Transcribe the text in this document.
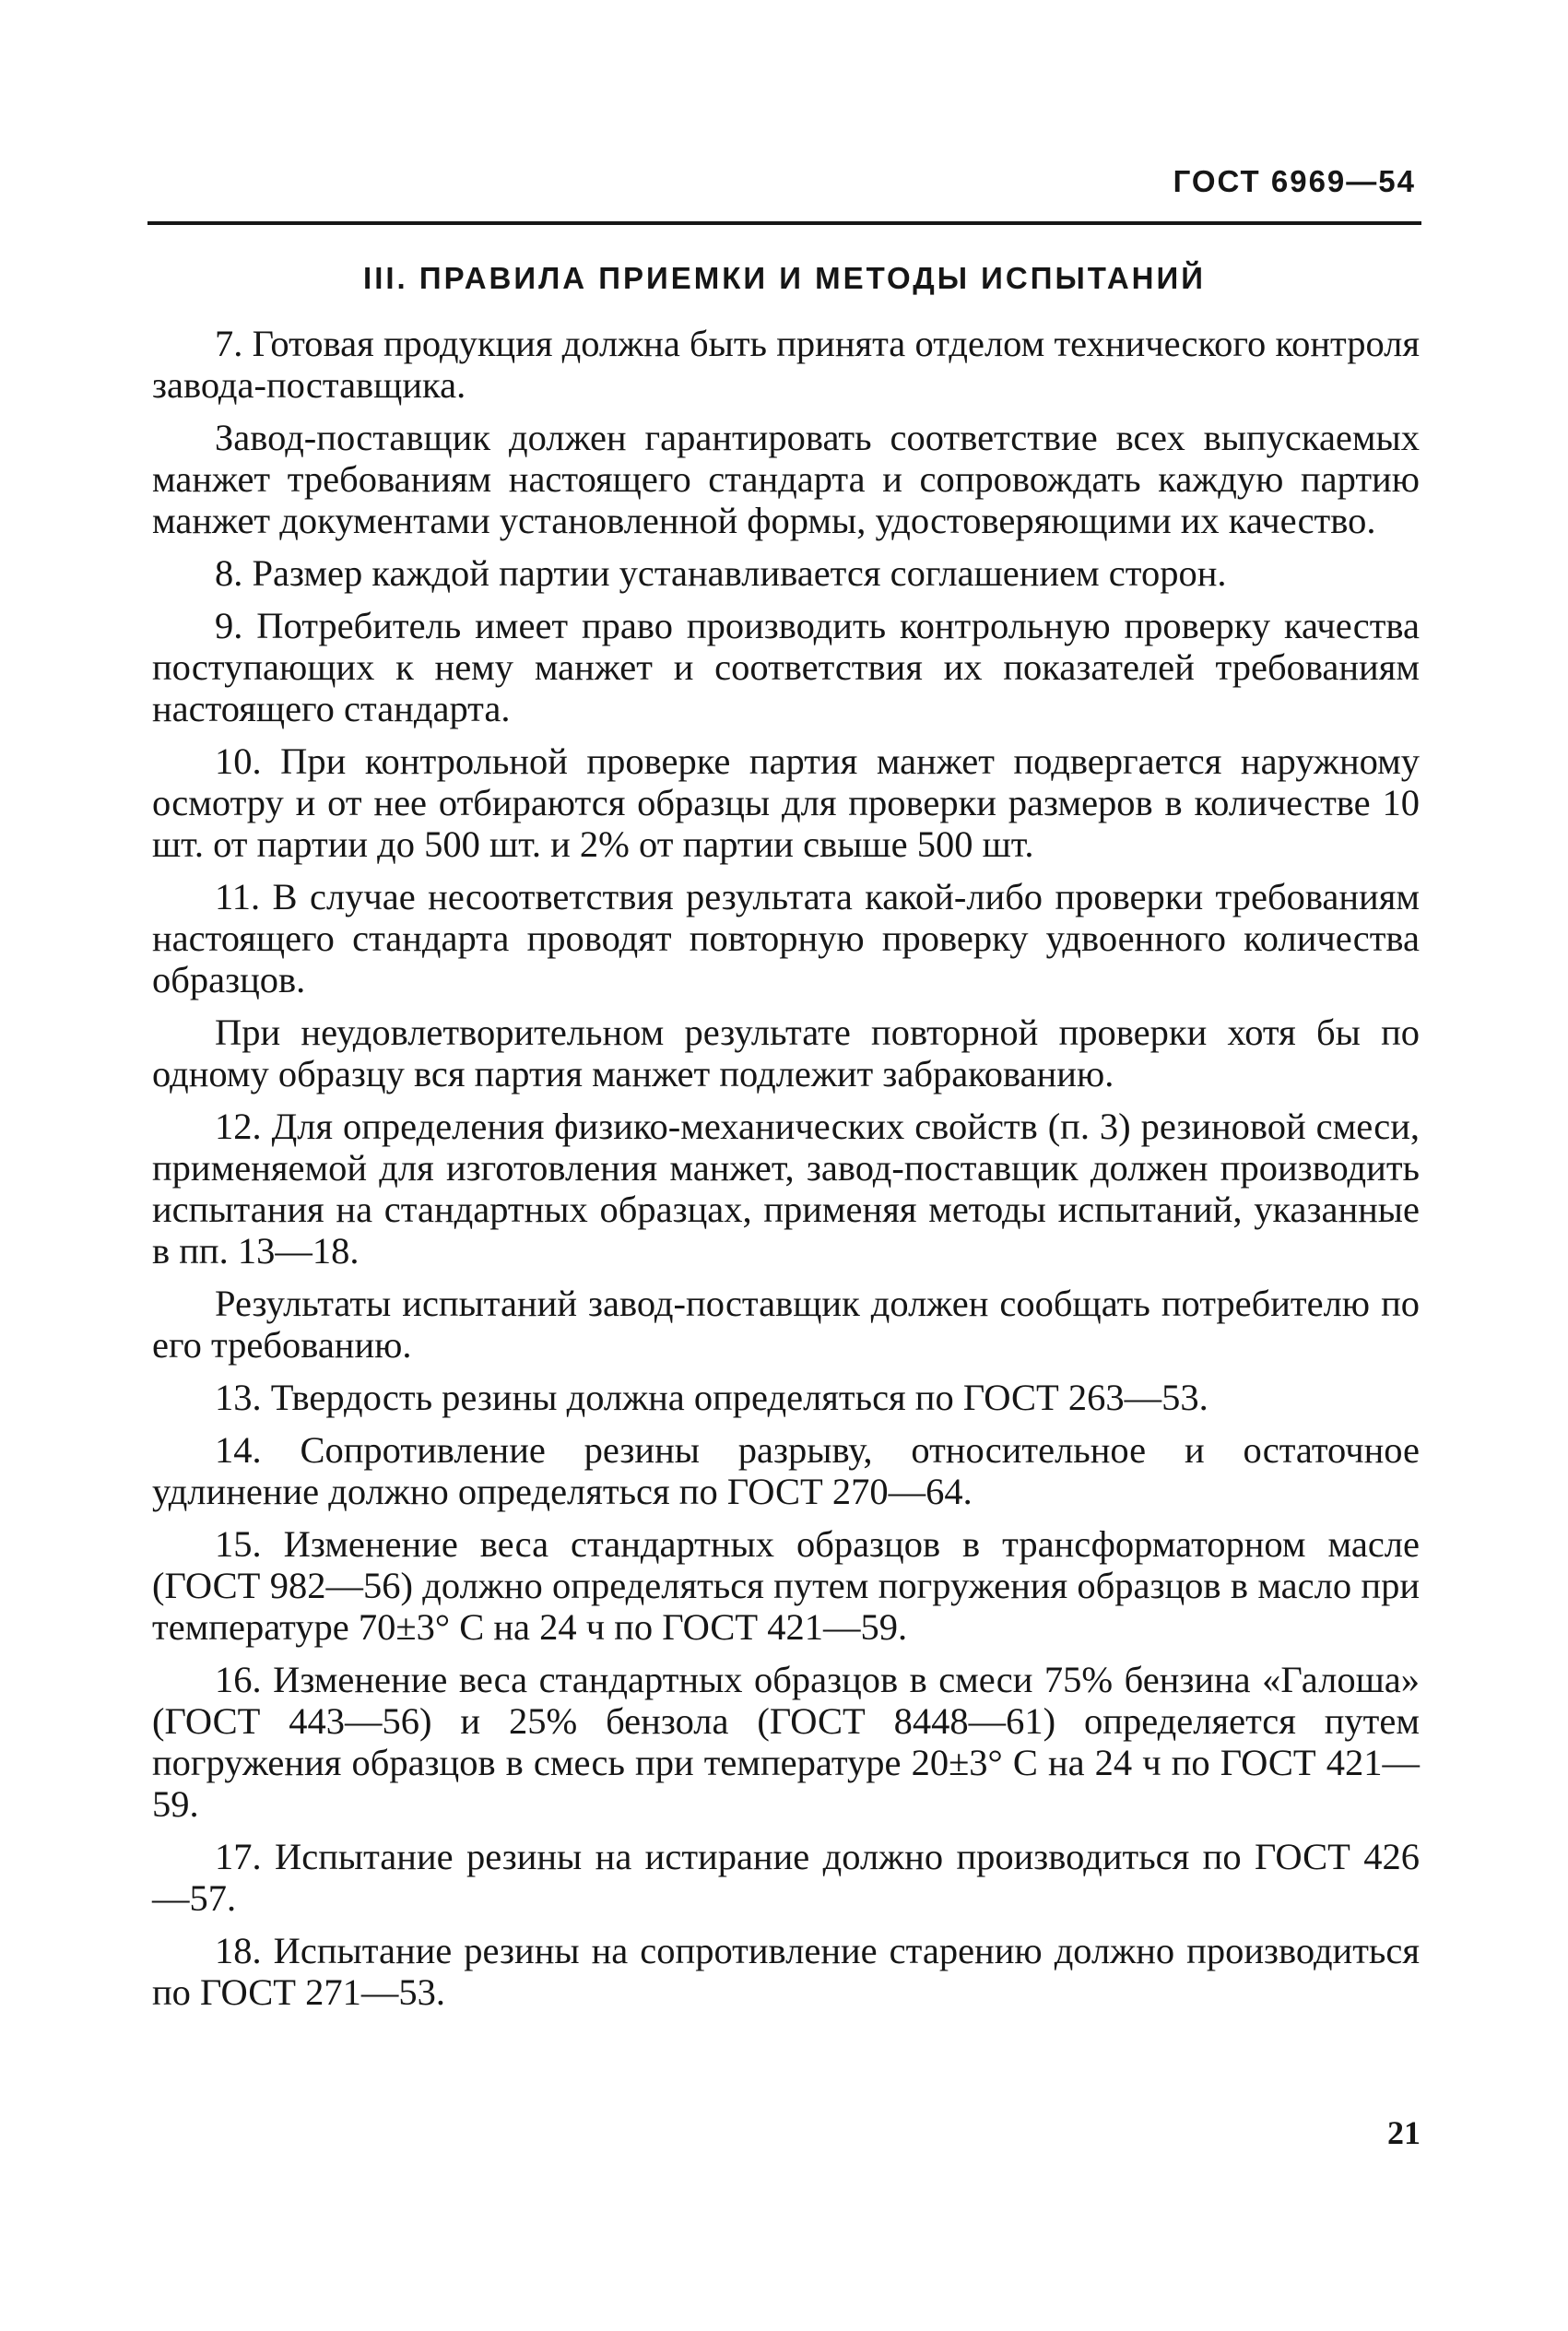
ГОСТ 6969—54
III. ПРАВИЛА ПРИЕМКИ И МЕТОДЫ ИСПЫТАНИЙ

7. Готовая продукция должна быть принята отделом технического контроля завода-поставщика.

Завод-поставщик должен гарантировать соответствие всех выпускаемых манжет требованиям настоящего стандарта и сопровождать каждую партию манжет документами установленной формы, удостоверяющими их качество.

8. Размер каждой партии устанавливается соглашением сторон.

9. Потребитель имеет право производить контрольную проверку качества поступающих к нему манжет и соответствия их показателей требованиям настоящего стандарта.

10. При контрольной проверке партия манжет подвергается наружному осмотру и от нее отбираются образцы для проверки размеров в количестве 10 шт. от партии до 500 шт. и 2% от партии свыше 500 шт.

11. В случае несоответствия результата какой-либо проверки требованиям настоящего стандарта проводят повторную проверку удвоенного количества образцов.

При неудовлетворительном результате повторной проверки хотя бы по одному образцу вся партия манжет подлежит забракованию.

12. Для определения физико-механических свойств (п. 3) резиновой смеси, применяемой для изготовления манжет, завод-поставщик должен производить испытания на стандартных образцах, применяя методы испытаний, указанные в пп. 13—18.

Результаты испытаний завод-поставщик должен сообщать потребителю по его требованию.

13. Твердость резины должна определяться по ГОСТ 263—53.

14. Сопротивление резины разрыву, относительное и остаточное удлинение должно определяться по ГОСТ 270—64.

15. Изменение веса стандартных образцов в трансформаторном масле (ГОСТ 982—56) должно определяться путем погружения образцов в масло при температуре 70±3° С на 24 ч по ГОСТ 421—59.

16. Изменение веса стандартных образцов в смеси 75% бензина «Галоша» (ГОСТ 443—56) и 25% бензола (ГОСТ 8448—61) определяется путем погружения образцов в смесь при температуре 20±3° С на 24 ч по ГОСТ 421—59.

17. Испытание резины на истирание должно производиться по ГОСТ 426—57.

18. Испытание резины на сопротивление старению должно производиться по ГОСТ 271—53.

21
